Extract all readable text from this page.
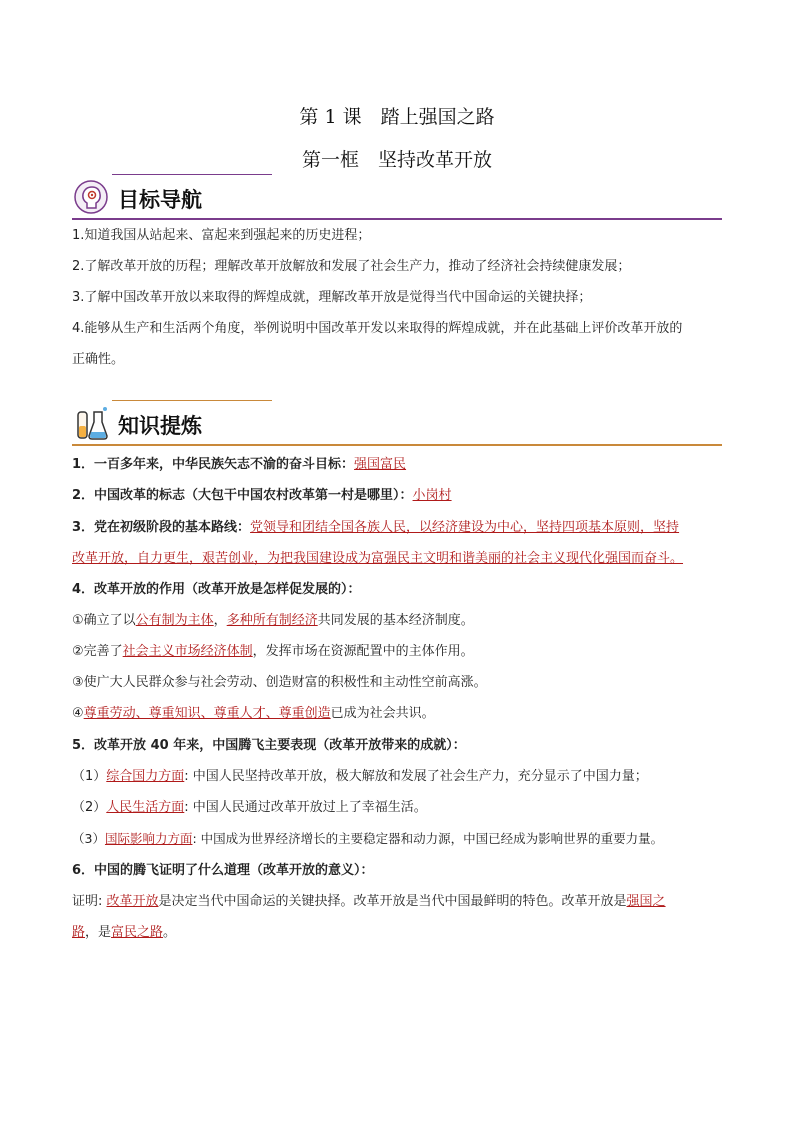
第 1 课　踏上强国之路
第一框　坚持改革开放
目标导航
1.知道我国从站起来、富起来到强起来的历史进程；
2.了解改革开放的历程；理解改革开放解放和发展了社会生产力，推动了经济社会持续健康发展；
3.了解中国改革开放以来取得的辉煌成就，理解改革开放是觉得当代中国命运的关键抉择；
4.能够从生产和生活两个角度，举例说明中国改革开发以来取得的辉煌成就，并在此基础上评价改革开放的
正确性。
知识提炼
1．一百多年来，中华民族矢志不渝的奋斗目标：强国富民
2．中国改革的标志（大包干中国农村改革第一村是哪里）：小岗村
3．党在初级阶段的基本路线：党领导和团结全国各族人民，以经济建设为中心，坚持四项基本原则，坚持
改革开放，自力更生，艰苦创业，为把我国建设成为富强民主文明和谐美丽的社会主义现代化强国而奋斗。
4．改革开放的作用（改革开放是怎样促发展的）：
①确立了以公有制为主体，多种所有制经济共同发展的基本经济制度。
②完善了社会主义市场经济体制，发挥市场在资源配置中的主体作用。
③使广大人民群众参与社会劳动、创造财富的积极性和主动性空前高涨。
④尊重劳动、尊重知识、尊重人才、尊重创造已成为社会共识。
5．改革开放 40 年来，中国腾飞主要表现（改革开放带来的成就）：
（1）综合国力方面: 中国人民坚持改革开放，极大解放和发展了社会生产力，充分显示了中国力量；
（2）人民生活方面: 中国人民通过改革开放过上了幸福生活。
（3）国际影响力方面: 中国成为世界经济增长的主要稳定器和动力源，中国已经成为影响世界的重要力量。
6．中国的腾飞证明了什么道理（改革开放的意义）：
证明: 改革开放是决定当代中国命运的关键抉择。改革开放是当代中国最鲜明的特色。改革开放是强国之
路，是富民之路。
